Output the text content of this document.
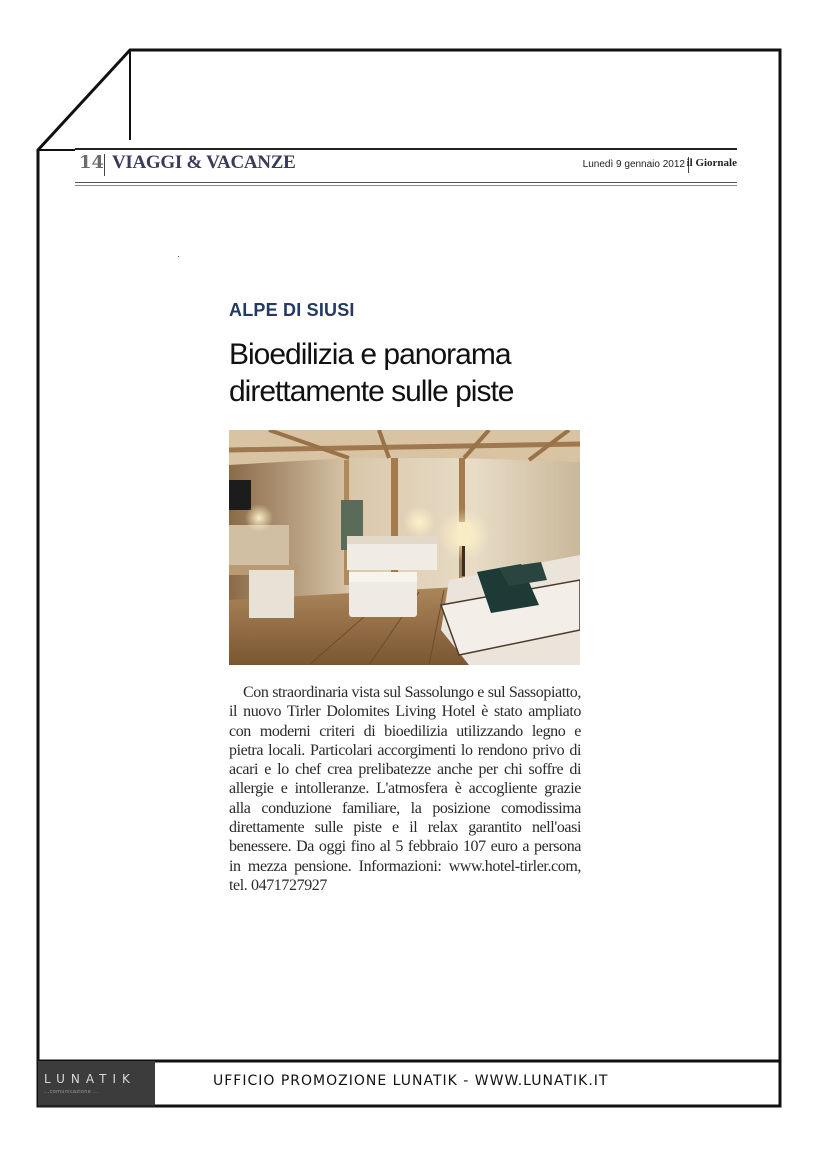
14 VIAGGI & VACANZE	Lunedì 9 gennaio 2012 il Giornale
ALPE DI SIUSI
Bioedilizia e panorama
direttamente sulle piste

Con straordinaria vista sul Sassolungo e sul Sassopiatto, il nuovo Tirler Dolomites Living Hotel è stato ampliato con moderni criteri di bioedilizia utilizzando legno e pietra locali. Particolari accorgimenti lo rendono privo di acari e lo chef crea prelibatezze anche per chi soffre di allergie e intolleranze. L'atmosfera è accogliente grazie alla conduzione familiare, la posizione comodissima direttamente sulle piste e il relax garantito nell'oasi benessere. Da oggi fino al 5 febbraio 107 euro a persona in mezza pensione. Informazioni: www.hotel-tirler.com, tel. 0471727927

LUNATIK
...comunicazione ...
UFFICIO PROMOZIONE LUNATIK - WWW.LUNATIK.IT
